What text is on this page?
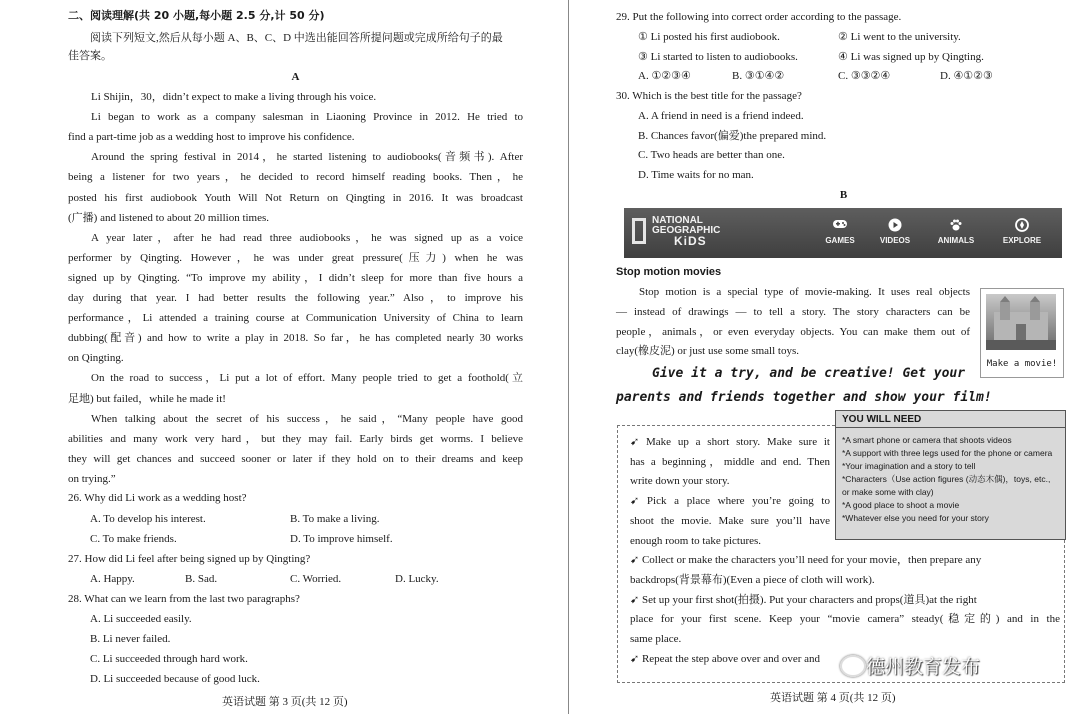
二、阅读理解(共 20 小题,每小题 2.5 分,计 50 分)
阅读下列短文,然后从每小题 A、B、C、D 中选出能回答所提问题或完成所给句子的最
佳答案。
A
Li Shijin，30，didn’t expect to make a living through his voice.
Li began to work as a company salesman in Liaoning Province in 2012. He tried to
find a part-time job as a wedding host to improve his confidence.
Around the spring festival in 2014，he started listening to audiobooks(音频书). After
being a listener for two years，he decided to record himself reading books. Then，he
posted his first audiobook Youth Will Not Return on Qingting in 2016. It was broadcast
(广播) and listened to about 20 million times.
A year later，after he had read three audiobooks，he was signed up as a voice
performer by Qingting. However，he was under great pressure(压力) when he was
signed up by Qingting. “To improve my ability，I didn’t sleep for more than five hours a
day during that year. I had better results the following year.” Also，to improve his
performance，Li attended a training course at Communication University of China to learn
dubbing(配音) and how to write a play in 2018. So far，he has completed nearly 30 works
on Qingting.
On the road to success，Li put a lot of effort. Many people tried to get a foothold(立
足地) but failed，while he made it!
When talking about the secret of his success，he said，“Many people have good
abilities and many work very hard，but they may fail. Early birds get worms. I believe
they will get chances and succeed sooner or later if they hold on to their dreams and keep
on trying.”
26. Why did Li work as a wedding host?
A. To develop his interest.	B. To make a living.
C. To make friends.	D. To improve himself.
27. How did Li feel after being signed up by Qingting?
A. Happy.	B. Sad.	C. Worried.	D. Lucky.
28. What can we learn from the last two paragraphs?
A. Li succeeded easily.
B. Li never failed.
C. Li succeeded through hard work.
D. Li succeeded because of good luck.
英语试题 第 3 页(共 12 页)
29. Put the following into correct order according to the passage.
① Li posted his first audiobook.	② Li went to the university.
③ Li started to listen to audiobooks.	④ Li was signed up by Qingting.
A. ①②③④	B. ③①④②	C. ③③②④	D. ④①②③
30. Which is the best title for the passage?
A. A friend in need is a friend indeed.
B. Chances favor(偏爱)the prepared mind.
C. Two heads are better than one.
D. Time waits for no man.
B
NATIONAL
GEOGRAPHIC
KiDS	GAMES	VIDEOS	ANIMALS	EXPLORE
Stop motion movies
Stop motion is a special type of movie-making. It uses real objects
— instead of drawings — to tell a story. The story characters can be
people，animals，or even everyday objects. You can make them out of
clay(橡皮泥) or just use some small toys.
Make a movie!
Give it a try, and be creative! Get your
parents and friends together and show your film!
➹ Make up a short story. Make sure it
has a beginning，middle and end. Then
write down your story.
➹ Pick a place where you’re going to
shoot the movie. Make sure you’ll have
enough room to take pictures.
➹ Collect or make the characters you’ll need for your movie，then prepare any
backdrops(背景幕布)(Even a piece of cloth will work).
➹ Set up your first shot(拍摄). Put your characters and props(道具)at the right
place for your first scene. Keep your “movie camera” steady(稳定的) and in the
same place.
➹ Repeat the step above over and over and
YOU WILL NEED
*A smart phone or camera that shoots videos
*A support with three legs used for the phone or camera
*Your imagination and a story to tell
*Characters（Use action figures (动态木偶)，toys, etc.,
or make some with clay)
*A good place to shoot a movie
*Whatever else you need for your story
德州教育发布
英语试题 第 4 页(共 12 页)
